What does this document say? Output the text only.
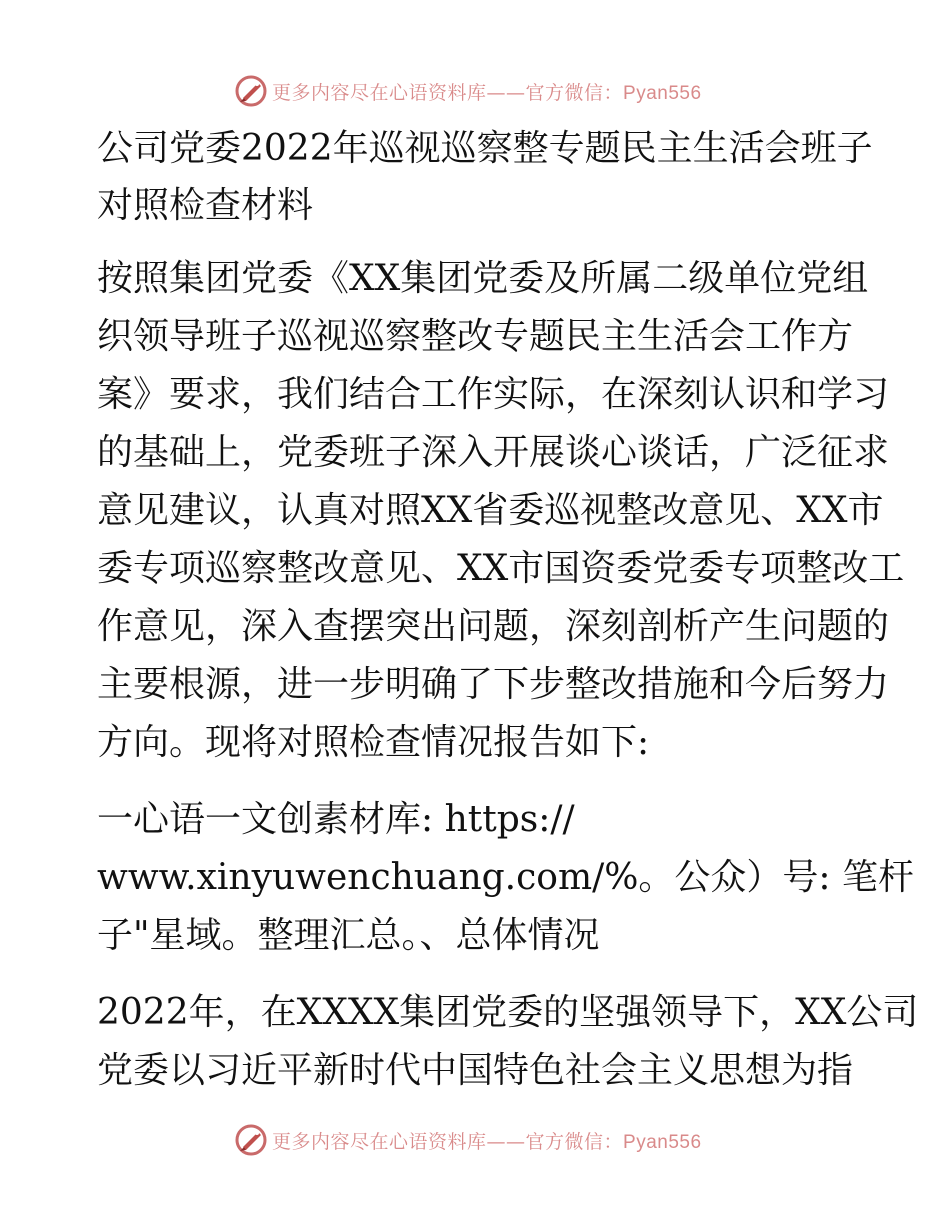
更多内容尽在心语资料库——官方微信：Pyan556
公司党委2022年巡视巡察整专题民主生活会班子
对照检查材料
按照集团党委《XX集团党委及所属二级单位党组
织领导班子巡视巡察整改专题民主生活会工作方
案》要求，我们结合工作实际，在深刻认识和学习
的基础上，党委班子深入开展谈心谈话，广泛征求
意见建议，认真对照XX省委巡视整改意见、XX市
委专项巡察整改意见、XX市国资委党委专项整改工
作意见，深入查摆突出问题，深刻剖析产生问题的
主要根源，进一步明确了下步整改措施和今后努力
方向。现将对照检查情况报告如下:
一心语一文创素材库: https://
www.xinyuwenchuang.com/%。公众）号: 笔杆
子"星域。整理汇总。、总体情况
2022年，在XXXX集团党委的坚强领导下，XX公司
党委以习近平新时代中国特色社会主义思想为指
更多内容尽在心语资料库——官方微信：Pyan556
